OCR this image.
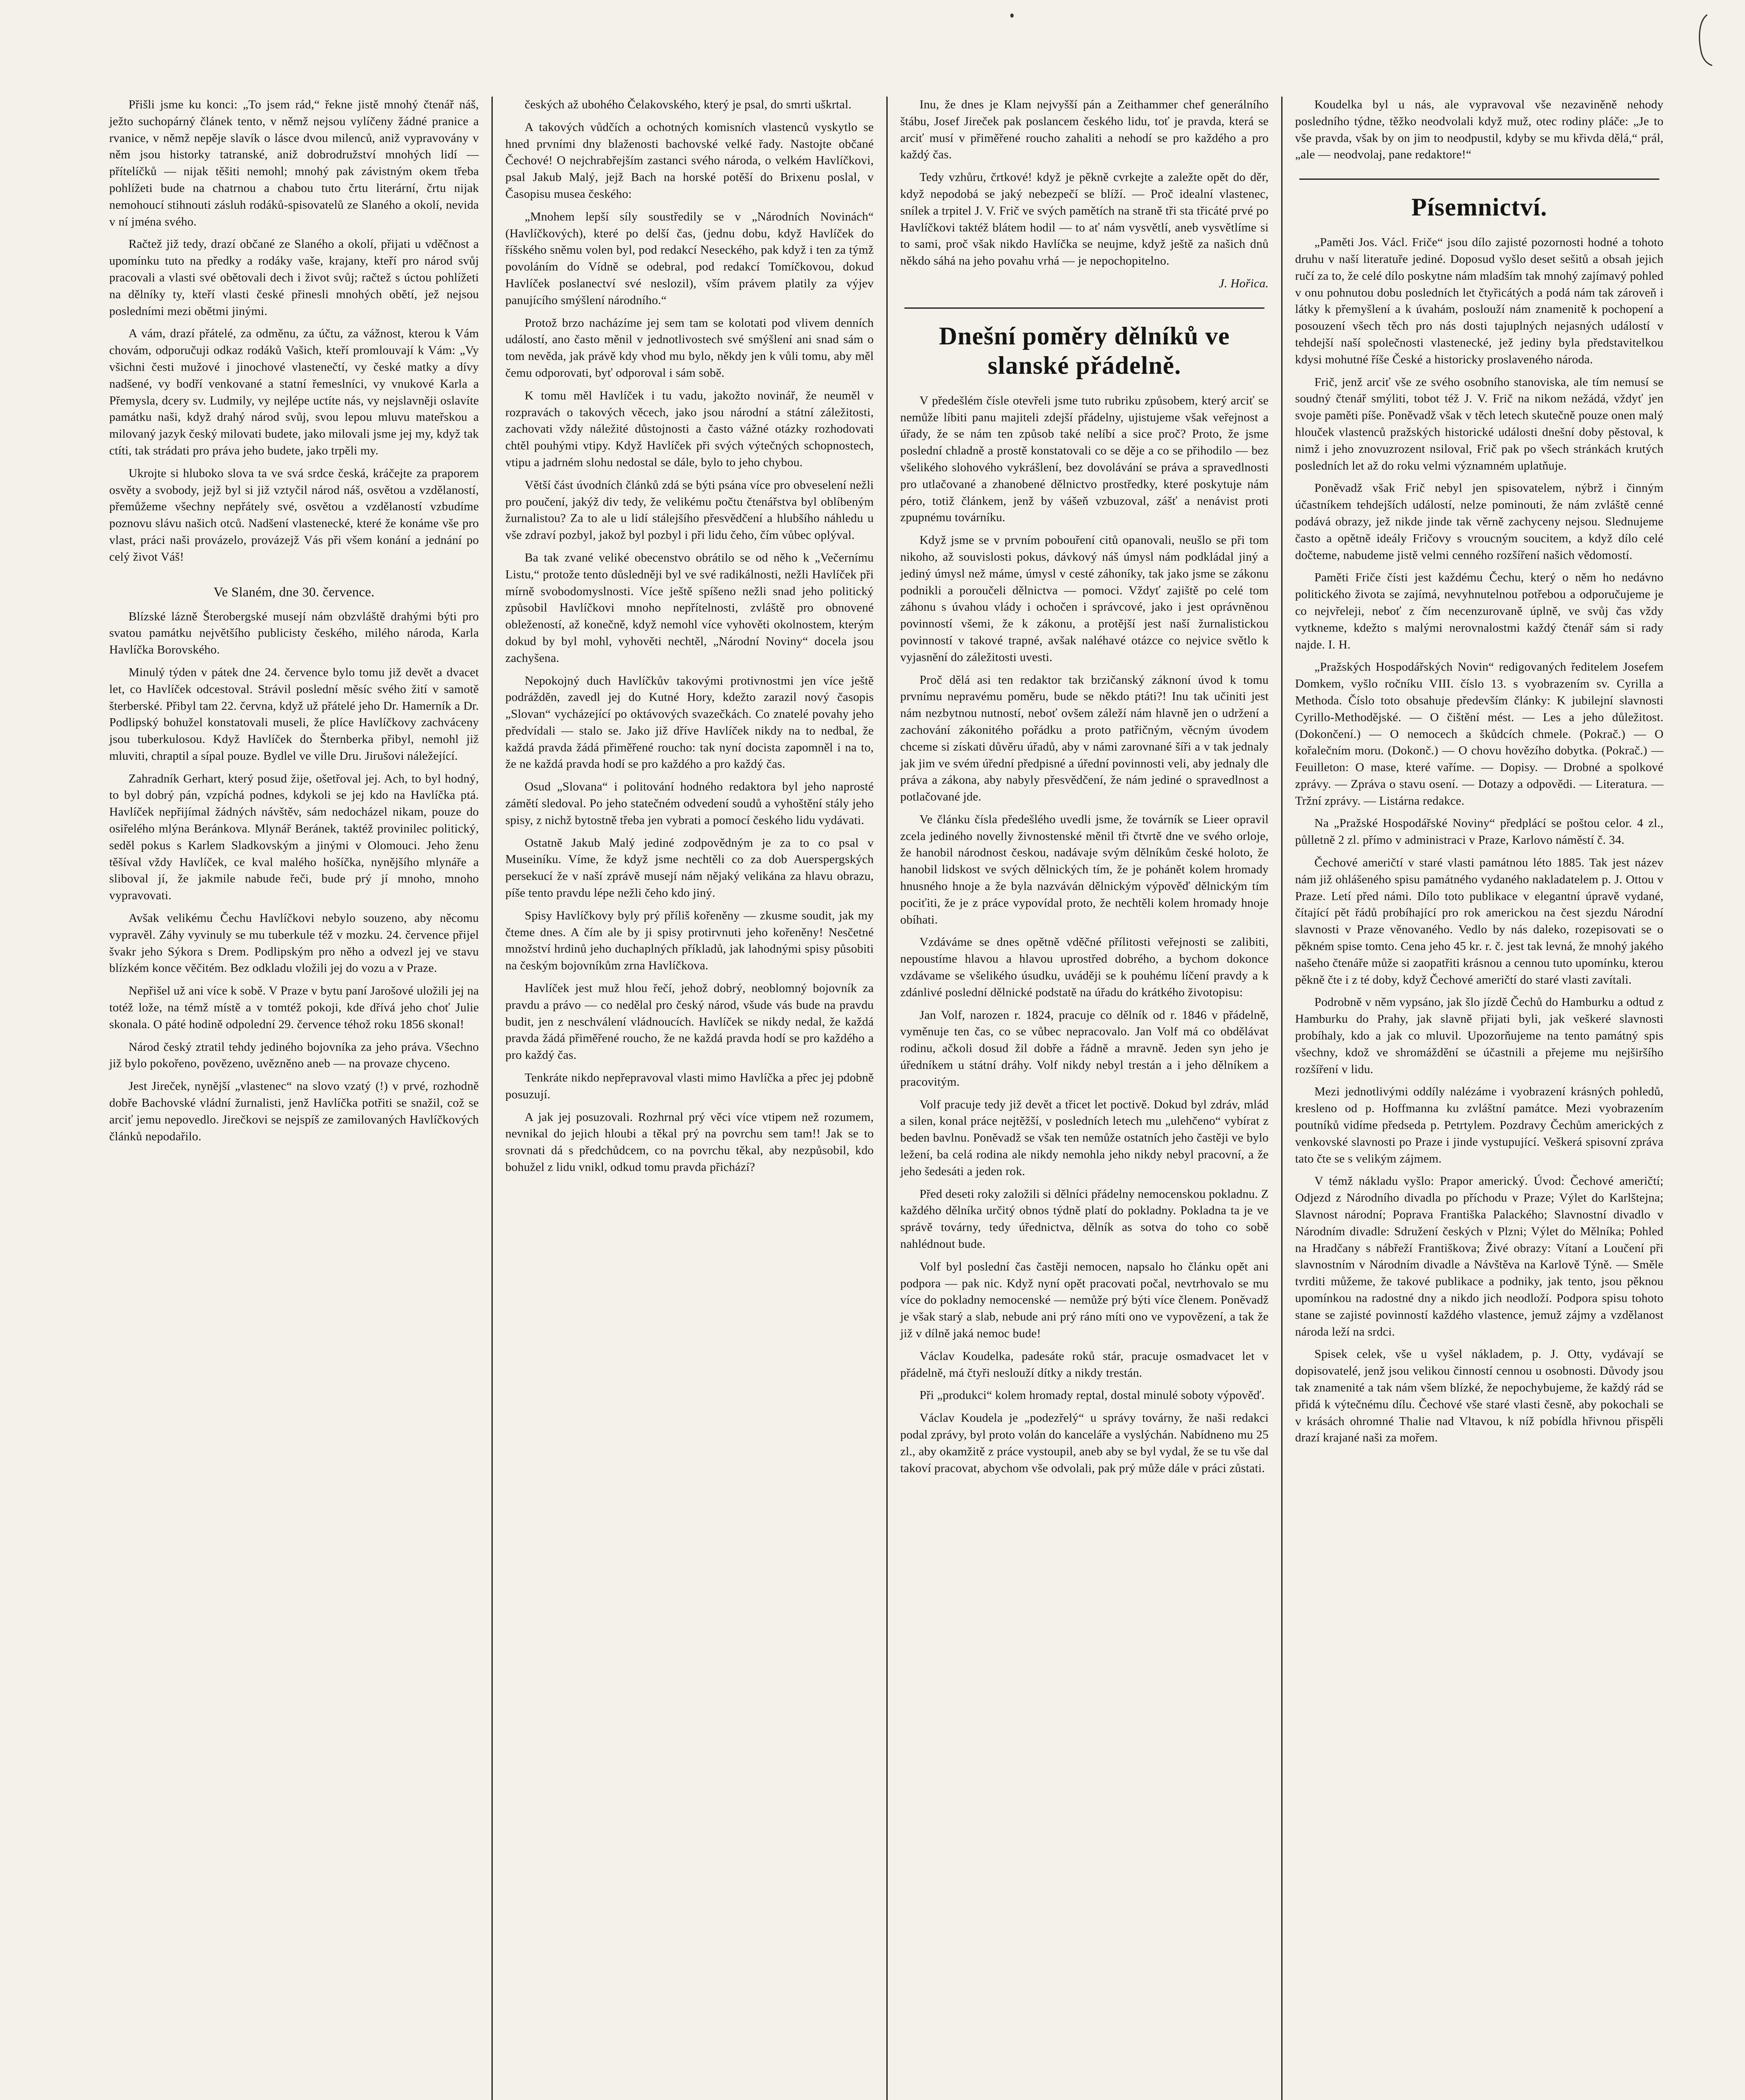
Přišli jsme ku konci: „To jsem rád,“ řekne jistě mnohý čtenář náš, ježto suchopárný článek tento, v němž nejsou vylíčeny žádné pranice a rvanice, v němž nepěje slavík o lásce dvou milenců, aniž vypravovány v něm jsou historky tatranské, aniž dobrodružství mnohých lidí — přítelíčků — nijak těšiti nemohl; mnohý pak závistným okem třeba pohlížeti bude na chatrnou a chabou tuto črtu literární, črtu nijak nemohoucí stihnouti zásluh rodáků-spisovatelů ze Slaného a okolí, nevida v ní jména svého.

Račtež již tedy, drazí občané ze Slaného a okolí, přijati u vděčnost a upomínku tuto na předky a rodáky vaše, krajany, kteří pro národ svůj pracovali a vlasti své obětovali dech i život svůj; račtež s úctou pohlížeti na dělníky ty, kteří vlasti české přinesli mnohých obětí, jež nejsou posledními mezi obětmi jinými.

A vám, drazí přátelé, za odměnu, za účtu, za vážnost, kterou k Vám chovám, odporučuji odkaz rodáků Vašich, kteří promlouvají k Vám: „Vy všichni česti mužové i jinochové vlastenečtí, vy české matky a dívy nadšené, vy bodří venkované a statní řemeslníci, vy vnukové Karla a Přemysla, dcery sv. Ludmily, vy nejlépe uctíte nás, vy nejslavněji oslavíte památku naši, když drahý národ svůj, svou lepou mluvu mateřskou a milovaný jazyk český milovati budete, jako milovali jsme jej my, když tak ctíti, tak strádati pro práva jeho budete, jako trpěli my.

Ukrojte si hluboko slova ta ve svá srdce česká, kráčejte za praporem osvěty a svobody, jejž byl si již vztyčil národ náš, osvětou a vzdělaností, přemůžeme všechny nepřátely své, osvětou a vzdělaností vzbudíme poznovu slávu našich otců. Nadšení vlastenecké, které že konáme vše pro vlast, práci naši provázelo, provázejž Vás při všem konání a jednání po celý život Váš!

Ve Slaném, dne 30. července.

Blízské lázně Šterobergské musejí nám obzvláště drahými býti pro svatou památku největšího publicisty českého, milého národa, Karla Havlíčka Borovského.

Minulý týden v pátek dne 24. července bylo tomu již devět a dvacet let, co Havlíček odcestoval. Strávil poslední měsíc svého žití v samotě šterberské. Přibyl tam 22. června, když už přátelé jeho Dr. Hamerník a Dr. Podlipský bohužel konstatovali museli, že plíce Havlíčkovy zachváceny jsou tuberkulosou. Když Havlíček do Šternberka přibyl, nemohl již mluviti, chraptil a sípal pouze. Bydlel ve ville Dru. Jirušovi náležející.

Zahradník Gerhart, který posud žije, ošetřoval jej. Ach, to byl hodný, to byl dobrý pán, vzpíchá podnes, kdykoli se jej kdo na Havlíčka ptá. Havlíček nepřijímal žádných návštěv, sám nedocházel nikam, pouze do osiřelého mlýna Beránkova. Mlynář Beránek, taktéž provinilec politický, seděl pokus s Karlem Sladkovským a jinými v Olomouci. Jeho ženu těšíval vždy Havlíček, ce kval malého hošíčka, nynějšího mlynáře a sliboval jí, že jakmile nabude řeči, bude prý jí mnoho, mnoho vypravovati.

Avšak velikému Čechu Havlíčkovi nebylo souzeno, aby něcomu vypravěl. Záhy vyvinuly se mu tuberkule též v mozku. 24. července přijel švakr jeho Sýkora s Drem. Podlipským pro něho a odvezl jej ve stavu blízkém konce věčitém. Bez odkladu vložili jej do vozu a v Praze.

Nepřišel už ani více k sobě. V Praze v bytu paní Jarošové uložili jej na totéž lože, na témž místě a v tomtéž pokoji, kde dřívá jeho choť Julie skonala. O páté hodině odpolední 29. července téhož roku 1856 skonal!

Národ český ztratil tehdy jediného bojovníka za jeho práva. Všechno již bylo pokořeno, povězeno, uvězněno aneb — na provaze chyceno.

Jest Jireček, nynější „vlastenec“ na slovo vzatý (!) v prvé, rozhodně dobře Bachovské vládní žurnalisti, jenž Havlíčka potřiti se snažil, což se arciť jemu nepovedlo. Jirečkovi se nejspíš ze zamilovaných Havlíčkových článků nepodařilo.

českých až ubohého Čelakovského, který je psal, do smrti uškrtal.

A takových vůdčích a ochotných komisních vlastenců vyskytlo se hned prvními dny blaženosti bachovské velké řady. Nastojte občané Čechové! O nejchrabřejším zastanci svého národa, o velkém Havlíčkovi, psal Jakub Malý, jejž Bach na horské potěší do Brixenu poslal, v Časopisu musea českého:

„Mnohem lepší síly soustředily se v „Národních Novinách“ (Havlíčkových), které po delší čas, (jednu dobu, když Havlíček do říšského sněmu volen byl, pod redakcí Neseckého, pak když i ten za týmž povoláním do Vídně se odebral, pod redakcí Tomíčkovou, dokud Havlíček poslanectví své neslozil), vším právem platily za výjev panujícího smýšlení národního.“

Protož brzo nacházíme jej sem tam se kolotati pod vlivem denních událostí, ano často měnil v jednotlivostech své smýšlení ani snad sám o tom nevěda, jak právě kdy vhod mu bylo, někdy jen k vůli tomu, aby měl čemu odporovati, byť odporoval i sám sobě.

K tomu měl Havlíček i tu vadu, jakožto novinář, že neuměl v rozpravách o takových věcech, jako jsou národní a státní záležitosti, zachovati vždy náležité důstojnosti a často vážné otázky rozhodovati chtěl pouhými vtipy. Když Havlíček při svých výtečných schopnostech, vtipu a jadrném slohu nedostal se dále, bylo to jeho chybou.

Větší část úvodních článků zdá se býti psána více pro obveselení nežli pro poučení, jakýž div tedy, že velikému počtu čtenářstva byl oblíbeným žurnalistou? Za to ale u lidí stálejšího přesvědčení a hlubšího náhledu u vše zdraví pozbyl, jakož byl pozbyl i při lidu čeho, čím vůbec oplýval.

Ba tak zvané veliké obecenstvo obrátilo se od něho k „Večernímu Listu,“ protože tento důsledněji byl ve své radikálnosti, nežli Havlíček při mírně svobodomyslnosti. Více ještě spíšeno nežli snad jeho politický způsobil Havlíčkovi mnoho nepřítelnosti, zvláště pro obnovené obležeností, až konečně, když nemohl více vyhověti okolnostem, kterým dokud by byl mohl, vyhověti nechtěl, „Národní Noviny“ docela jsou zachyšena.

Nepokojný duch Havlíčkův takovými protivnostmi jen více ještě podrážděn, zavedl jej do Kutné Hory, kdežto zarazil nový časopis „Slovan“ vycházející po oktávových svazečkách. Co znatelé povahy jeho předvídali — stalo se. Jako již dříve Havlíček nikdy na to nedbal, že každá pravda žádá přiměřené roucho: tak nyní docista zapomněl i na to, že ne každá pravda hodí se pro každého a pro každý čas.

Osud „Slovana“ i politování hodného redaktora byl jeho naprosté zámětí sledoval. Po jeho statečném odvedení soudů a vyhoštění stály jeho spisy, z nichž bytostně třeba jen vybrati a pomocí českého lidu vydávati.

Ostatně Jakub Malý jediné zodpovědným je za to co psal v Museiníku. Víme, že když jsme nechtěli co za dob Auerspergských persekucí že v naší zprávě musejí nám nějaký velikána za hlavu obrazu, píše tento pravdu lépe nežli čeho kdo jiný.

Spisy Havlíčkovy byly prý příliš kořeněny — zkusme soudit, jak my čteme dnes. A čím ale by ji spisy protirvnuti jeho kořeněny! Nesčetné množství hrdinů jeho duchaplných příkladů, jak lahodnými spisy působiti na českým bojovníkům zrna Havlíčkova.

Havlíček jest muž hlou řečí, jehož dobrý, neoblomný bojovník za pravdu a právo — co nedělal pro český národ, všude vás bude na pravdu budit, jen z neschválení vládnoucích. Havlíček se nikdy nedal, že každá pravda žádá přiměřené roucho, že ne každá pravda hodí se pro každého a pro každý čas.

Tenkráte nikdo nepřepravoval vlasti mimo Havlíčka a přec jej pdobně posuzují.

A jak jej posuzovali. Rozhrnal prý věci více vtipem než rozumem, nevnikal do jejich hloubi a těkal prý na povrchu sem tam!! Jak se to srovnati dá s předchůdcem, co na povrchu těkal, aby nezpůsobil, kdo bohužel z lidu vnikl, odkud tomu pravda přichází?

Inu, že dnes je Klam nejvyšší pán a Zeithammer chef generálního štábu, Josef Jireček pak poslancem českého lidu, toť je pravda, která se arciť musí v přiměřené roucho zahaliti a nehodí se pro každého a pro každý čas.

Tedy vzhůru, črtkové! když je pěkně cvrkejte a zaležte opět do děr, když nepodobá se jaký nebezpečí se blíží. — Proč idealní vlastenec, snílek a trpitel J. V. Frič ve svých pamětích na straně tři sta třicáté prvé po Havlíčkovi taktéž blátem hodil — to ať nám vysvětlí, aneb vysvětlíme si to sami, proč však nikdo Havlíčka se neujme, když ještě za našich dnů někdo sáhá na jeho povahu vrhá — je nepochopitelno.

J. Hořica.

Dnešní poměry dělníků ve slanské přádelně.

V předešlém čísle otevřeli jsme tuto rubriku způsobem, který arciť se nemůže líbiti panu majiteli zdejší přádelny, ujistujeme však veřejnost a úřady, že se nám ten způsob také nelíbí a sice proč? Proto, že jsme poslední chladně a prostě konstatovali co se děje a co se přihodilo — bez všelikého slohového vykrášlení, bez dovolávání se práva a spravedlnosti pro utlačované a zhanobené dělnictvo prostředky, které poskytuje nám péro, totiž článkem, jenž by vášeň vzbuzoval, zášť a nenávist proti zpupnému továrníku.

Když jsme se v prvním pobouření citů opanovali, neušlo se při tom nikoho, až souvislosti pokus, dávkový náš úmysl nám podkládal jiný a jediný úmysl než máme, úmysl v cesté záhoníky, tak jako jsme se zákonu podnikli a poroučeli dělnictva — pomoci. Vždyť zajiště po celé tom záhonu s úvahou vlády i ochočen i správcové, jako i jest oprávněnou povinností všemi, že k zákonu, a protější jest naší žurnalistickou povinností v takové trapné, avšak naléhavé otázce co nejvice světlo k vyjasnění do záležitosti uvesti.

Proč dělá asi ten redaktor tak brzičanský záknoní úvod k tomu prvnímu nepravému poměru, bude se někdo ptáti?! Inu tak učiniti jest nám nezbytnou nutností, neboť ovšem záleží nám hlavně jen o udržení a zachování zákonitého pořádku a proto patřičným, věcným úvodem chceme si získati důvěru úřadů, aby v námi zarovnané šíři a v tak jednaly jak jim ve svém úřední předpisné a úřední povinnosti veli, aby jednaly dle práva a zákona, aby nabyly přesvědčení, že nám jediné o spravedlnost a potlačované jde.

Ve článku čísla předešlého uvedli jsme, že továrník se Lieer opravil zcela jediného novelly živnostenské měnil tři čtvrtě dne ve svého orloje, že hanobil národnost českou, nadávaje svým dělníkům české holoto, že hanobil lidskost ve svých dělnických tím, že je pohánět kolem hromady hnusného hnoje a že byla nazváván dělnickým výpověď dělnickým tím pociťiti, že je z práce vypovídal proto, že nechtěli kolem hromady hnoje obíhati.

Vzdáváme se dnes opětně vděčné přílitosti veřejnosti se zalibiti, nepoustíme hlavou a hlavou uprostřed dobrého, a bychom dokonce vzdávame se všelikého úsudku, uváději se k pouhému líčení pravdy a k zdánlivé poslední dělnické podstatě na úřadu do krátkého životopisu:

Jan Volf, narozen r. 1824, pracuje co dělník od r. 1846 v přádelně, vyměnuje ten čas, co se vůbec nepracovalo. Jan Volf má co obdělávat rodinu, ačkoli dosud žil dobře a řádně a mravně. Jeden syn jeho je úředníkem u státní dráhy. Volf nikdy nebyl trestán a i jeho dělníkem a pracovitým.

Volf pracuje tedy již devět a třicet let poctivě. Dokud byl zdráv, mlád a silen, konal práce nejtěžší, v posledních letech mu „ulehčeno“ vybírat z beden bavlnu. Poněvadž se však ten nemůže ostatních jeho častěji ve bylo ležení, ba celá rodina ale nikdy nemohla jeho nikdy nebyl pracovní, a že jeho šedesáti a jeden rok.

Před deseti roky založili si dělníci přádelny nemocenskou pokladnu. Z každého dělníka určitý obnos týdně platí do pokladny. Pokladna ta je ve správě továrny, tedy úřednictva, dělník as sotva do toho co sobě nahlédnout bude.

Volf byl poslední čas častěji nemocen, napsalo ho článku opět ani podpora — pak nic. Když nyní opět pracovati počal, nevtrhovalo se mu více do pokladny nemocenské — nemůže prý býti více členem. Poněvadž je však starý a slab, nebude ani prý ráno míti ono ve vypovězení, a tak že již v dílně jaká nemoc bude!

Václav Koudelka, padesáte roků stár, pracuje osmadvacet let v přádelně, má čtyři neslouží dítky a nikdy trestán.

Při „produkci“ kolem hromady reptal, dostal minulé soboty výpověď.

Václav Koudela je „podezřelý“ u správy továrny, že naši redakci podal zprávy, byl proto volán do kanceláře a vyslýchán. Nabídneno mu 25 zl., aby okamžitě z práce vystoupil, aneb aby se byl vydal, že se tu vše dal takoví pracovat, abychom vše odvolali, pak prý může dále v práci zůstati.

Koudelka byl u nás, ale vypravoval vše nezaviněně nehody posledního týdne, těžko neodvolali když muž, otec rodiny pláče: „Je to vše pravda, však by on jim to neodpustil, kdyby se mu křivda dělá,“ prál, „ale — neodvolaj, pane redaktore!“

Písemnictví.

„Paměti Jos. Václ. Friče“ jsou dílo zajisté pozornosti hodné a tohoto druhu v naší literatuře jediné. Doposud vyšlo deset sešitů a obsah jejich ručí za to, že celé dílo poskytne nám mladším tak mnohý zajímavý pohled v onu pohnutou dobu posledních let čtyřicátých a podá nám tak zároveň i látky k přemyšlení a k úvahám, poslouží nám znamenitě k pochopení a posouzení všech těch pro nás dosti tajuplných nejasných událostí v tehdejší naší společnosti vlastenecké, jež jediny byla představitelkou kdysi mohutné říše České a historicky proslaveného národa.

Frič, jenž arciť vše ze svého osobního stanoviska, ale tím nemusí se soudný čtenář smýliti, tobot též J. V. Frič na nikom nežádá, vždyť jen svoje paměti píše. Poněvadž však v těch letech skutečně pouze onen malý hlouček vlastenců pražských historické události dnešní doby pěstoval, k nimž i jeho znovuzrozent nsiloval, Frič pak po všech stránkách krutých posledních let až do roku velmi významném uplatňuje.

Poněvadž však Frič nebyl jen spisovatelem, nýbrž i činným účastníkem tehdejších událostí, nelze pominouti, že nám zvláště cenné podává obrazy, jež nikde jinde tak věrně zachyceny nejsou. Slednujeme často a opětně ideály Fričovy s vroucným soucitem, a když dílo celé dočteme, nabudeme jistě velmi cenného rozšíření našich vědomostí.

Paměti Friče čísti jest každému Čechu, který o něm ho nedávno politického života se zajímá, nevyhnutelnou potřebou a odporučujeme je co nejvřeleji, neboť z čím necenzurovaně úplně, ve svůj čas vždy vytkneme, kdežto s malými nerovnalostmi každý čtenář sám si rady najde. I. H.

„Pražských Hospodářských Novin“ redigovaných ředitelem Josefem Domkem, vyšlo ročníku VIII. číslo 13. s vyobrazením sv. Cyrilla a Methoda. Číslo toto obsahuje především články: K jubilejní slavnosti Cyrillo-Methodějské. — O čištění mést. — Les a jeho důležitost. (Dokončení.) — O nemocech a škůdcích chmele. (Pokrač.) — O kořalečním moru. (Dokonč.) — O chovu hovězího dobytka. (Pokrač.) — Feuilleton: O mase, které vaříme. — Dopisy. — Drobné a spolkové zprávy. — Zpráva o stavu osení. — Dotazy a odpovědi. — Literatura. — Tržní zprávy. — Listárna redakce.

Na „Pražské Hospodářské Noviny“ předplácí se poštou celor. 4 zl., půlletně 2 zl. přímo v administraci v Praze, Karlovo náměstí č. 34.

Čechové američtí v staré vlasti památnou léto 1885. Tak jest název nám již ohlášeného spisu památného vydaného nakladatelem p. J. Ottou v Praze. Letí před námi. Dílo toto publikace v elegantní úpravě vydané, čítající pět řádů probíhající pro rok americkou na čest sjezdu Národní slavnosti v Praze věnovaného. Vedlo by nás daleko, rozepisovati se o pěkném spise tomto. Cena jeho 45 kr. r. č. jest tak levná, že mnohý jakého našeho čtenáře může si zaopatřiti krásnou a cennou tuto upomínku, kterou pěkně čte i z té doby, když Čechové američtí do staré vlasti zavítali.

Podrobně v něm vypsáno, jak šlo jízdě Čechů do Hamburku a odtud z Hamburku do Prahy, jak slavně přijati byli, jak veškeré slavnosti probíhaly, kdo a jak co mluvil. Upozorňujeme na tento památný spis všechny, kdož ve shromáždění se účastnili a přejeme mu nejširšího rozšíření v lidu.

Mezi jednotlivými oddíly nalézáme i vyobrazení krásných pohledů, kresleno od p. Hoffmanna ku zvláštní památce. Mezi vyobrazením poutníků vidíme předseda p. Petrtylem. Pozdravy Čechům amerických z venkovské slavnosti po Praze i jinde vystupující. Veškerá spisovní zpráva tato čte se s velikým zájmem.

V témž nákladu vyšlo: Prapor americký. Úvod: Čechové američtí; Odjezd z Národního divadla po příchodu v Praze; Výlet do Karlštejna; Slavnost národní; Poprava Františka Palackého; Slavnostní divadlo v Národním divadle: Sdružení českých v Plzni; Výlet do Mělníka; Pohled na Hradčany s nábřeží Františkova; Živé obrazy: Vítaní a Loučení při slavnostním v Národním divadle a Návštěva na Karlově Týně. — Směle tvrditi můžeme, že takové publikace a podniky, jak tento, jsou pěknou upomínkou na radostné dny a nikdo jich neodloží. Podpora spisu tohoto stane se zajisté povinností každého vlastence, jemuž zájmy a vzdělanost národa leží na srdci.

Spisek celek, vše u vyšel nákladem, p. J. Otty, vydávají se dopisovatelé, jenž jsou velikou činností cennou u osobnosti. Důvody jsou tak znamenité a tak nám všem blízké, že nepochybujeme, že každý rád se přidá k výtečnému dílu. Čechové vše staré vlasti česně, aby pokochali se v krásách ohromné Thalie nad Vltavou, k níž pobídla hřivnou přispěli drazí krajané naši za mořem.
